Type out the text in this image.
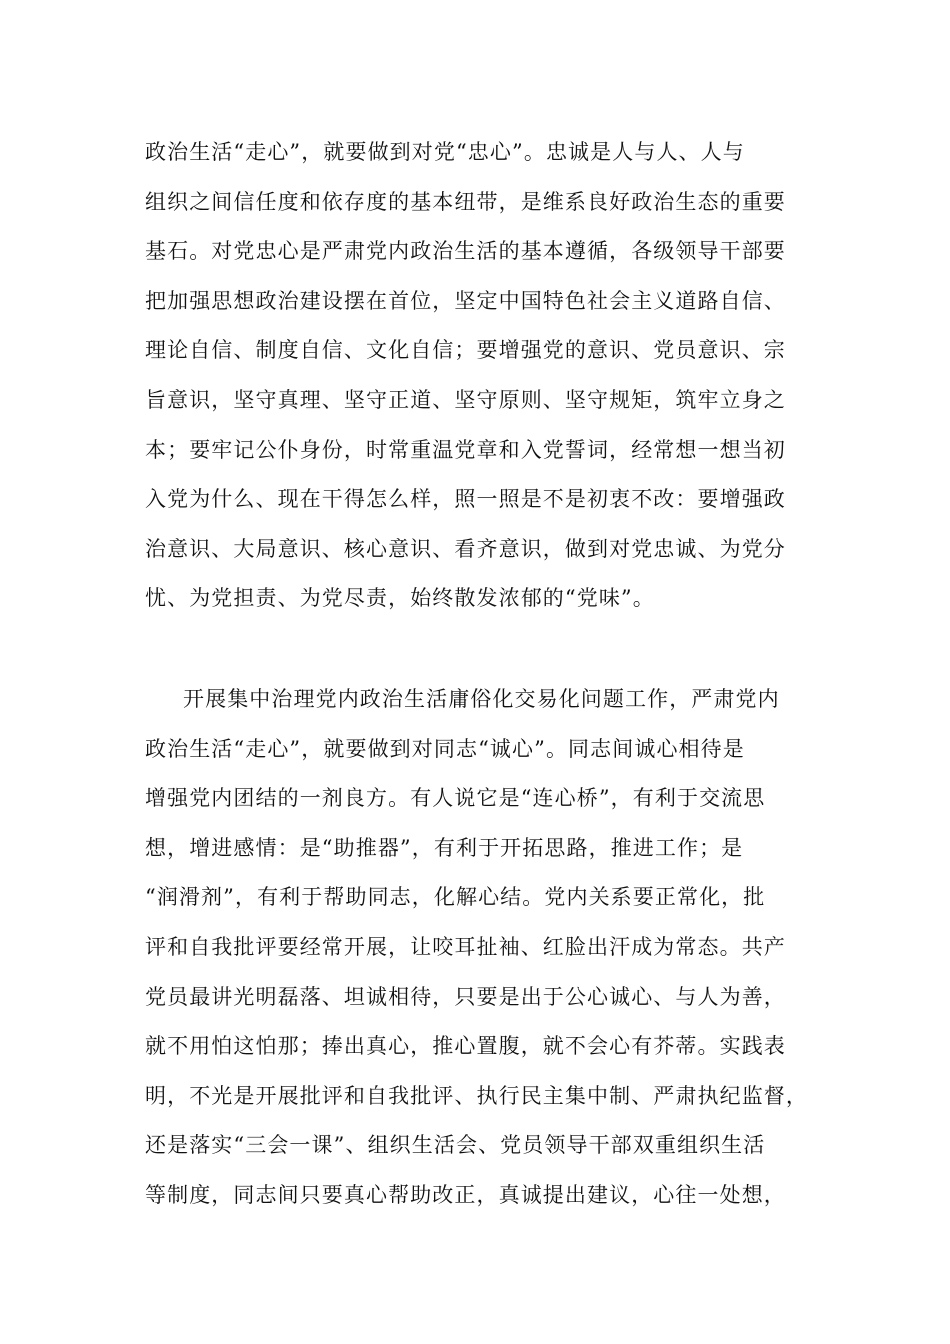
政治生活“走心”，就要做到对党“忠心”。忠诚是人与人、人与
组织之间信任度和依存度的基本纽带，是维系良好政治生态的重要
基石。对党忠心是严肃党内政治生活的基本遵循，各级领导干部要
把加强思想政治建设摆在首位，坚定中国特色社会主义道路自信、
理论自信、制度自信、文化自信；要增强党的意识、党员意识、宗
旨意识，坚守真理、坚守正道、坚守原则、坚守规矩，筑牢立身之
本；要牢记公仆身份，时常重温党章和入党誓词，经常想一想当初
入党为什么、现在干得怎么样，照一照是不是初衷不改：要增强政
治意识、大局意识、核心意识、看齐意识，做到对党忠诚、为党分
忧、为党担责、为党尽责，始终散发浓郁的“党味”。

开展集中治理党内政治生活庸俗化交易化问题工作，严肃党内
政治生活“走心”，就要做到对同志“诚心”。同志间诚心相待是
增强党内团结的一剂良方。有人说它是“连心桥”，有利于交流思
想，增进感情：是“助推器”，有利于开拓思路，推进工作；是
“润滑剂”，有利于帮助同志，化解心结。党内关系要正常化，批
评和自我批评要经常开展，让咬耳扯袖、红脸出汗成为常态。共产
党员最讲光明磊落、坦诚相待，只要是出于公心诚心、与人为善，
就不用怕这怕那；捧出真心，推心置腹，就不会心有芥蒂。实践表
明，不光是开展批评和自我批评、执行民主集中制、严肃执纪监督，
还是落实“三会一课”、组织生活会、党员领导干部双重组织生活
等制度，同志间只要真心帮助改正，真诚提出建议，心往一处想，
